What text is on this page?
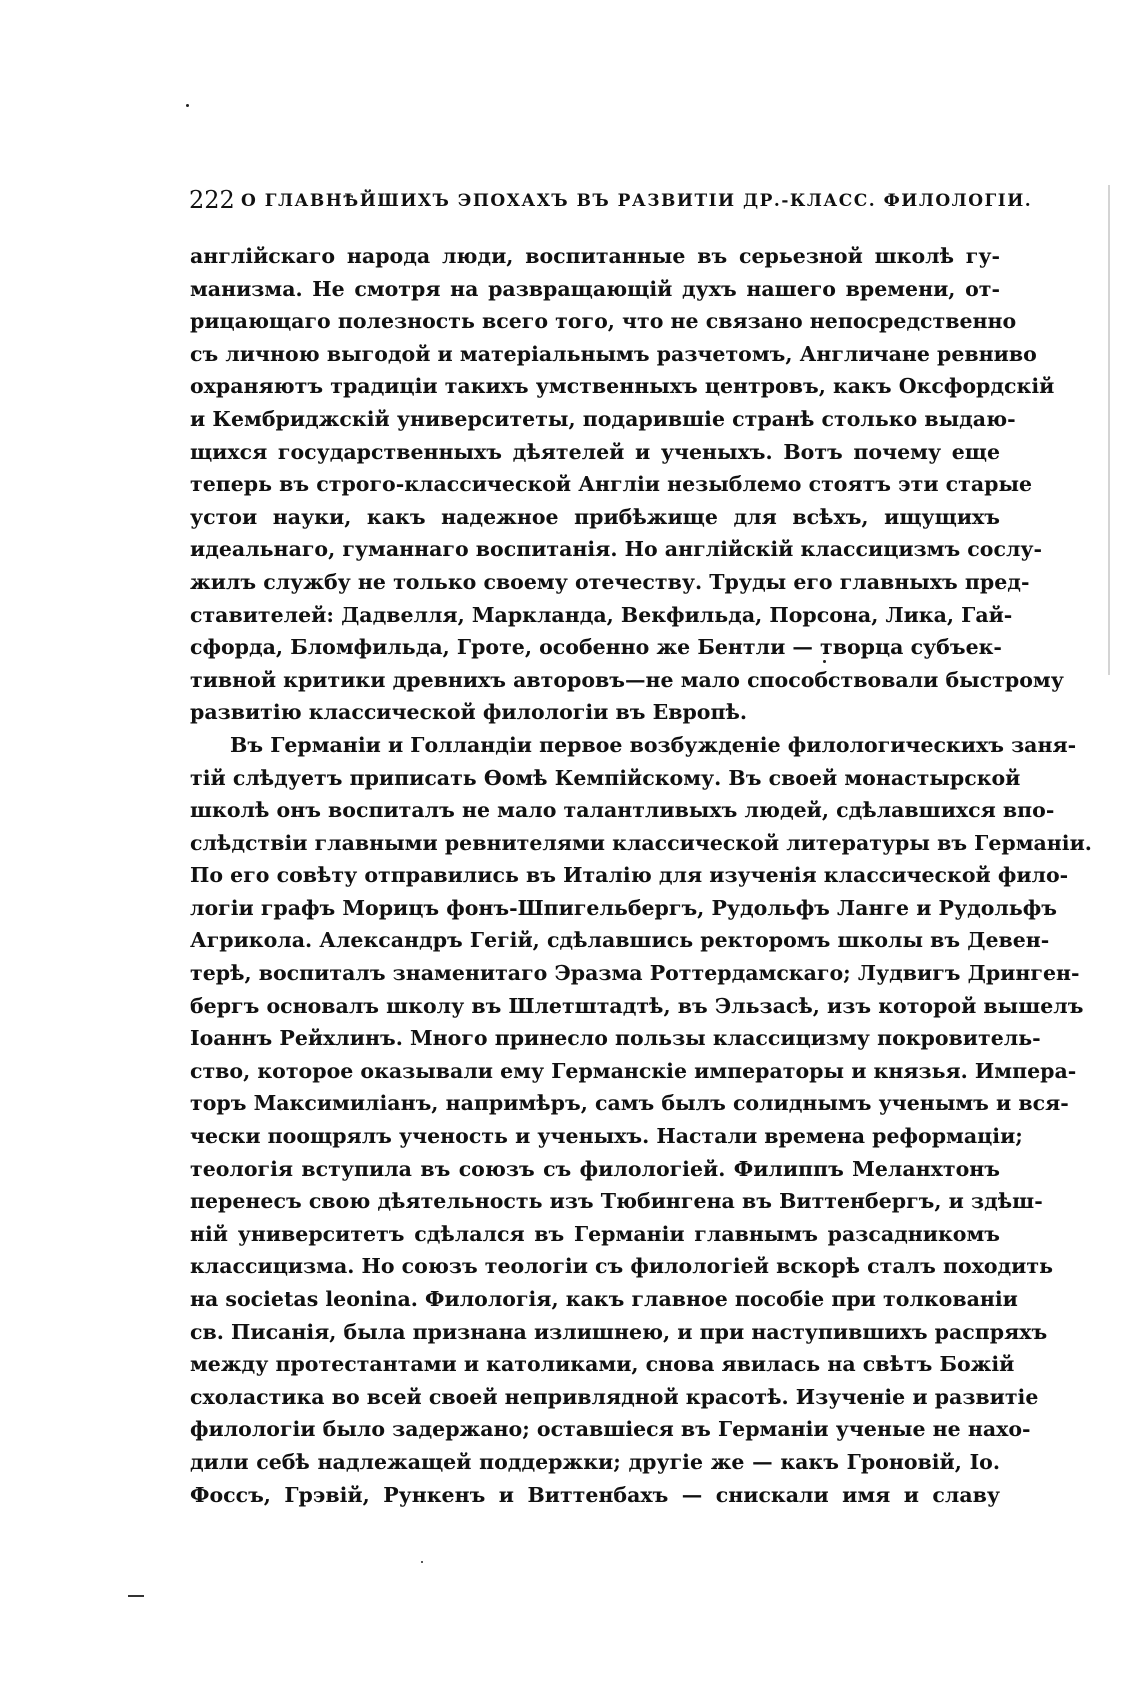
222 О ГЛАВНѢЙШИХЪ ЭПОХАХЪ ВЪ РАЗВИТІИ ДР.-КЛАСС. ФИЛОЛОГІИ.
англійскаго народа люди, воспитанные въ серьезной школѣ гу-
манизма. Не смотря на развращающій духъ нашего времени, от-
рицающаго полезность всего того, что не связано непосредственно
съ личною выгодой и матеріальнымъ разчетомъ, Англичане ревниво
охраняютъ традиціи такихъ умственныхъ центровъ, какъ Оксфордскій
и Кембриджскій университеты, подарившіе странѣ столько выдаю-
щихся государственныхъ дѣятелей и ученыхъ. Вотъ почему еще
теперь въ строго-классической Англіи незыблемо стоятъ эти старые
устои науки, какъ надежное прибѣжище для всѣхъ, ищущихъ
идеальнаго, гуманнаго воспитанія. Но англійскій классицизмъ сослу-
жилъ службу не только своему отечеству. Труды его главныхъ пред-
ставителей: Дадвелля, Маркланда, Векфильда, Порсона, Лика, Гай-
сфорда, Бломфильда, Гроте, особенно же Бентли — творца субъек-
тивной критики древнихъ авторовъ—не мало способствовали быстрому
развитію классической филологіи въ Европѣ.
Въ Германіи и Голландіи первое возбужденіе филологическихъ заня-
тій слѣдуетъ приписать Ѳомѣ Кемпійскому. Въ своей монастырской
школѣ онъ воспиталъ не мало талантливыхъ людей, сдѣлавшихся впо-
слѣдствіи главными ревнителями классической литературы въ Германіи.
По его совѣту отправились въ Италію для изученія классической фило-
логіи графъ Морицъ фонъ-Шпигельбергъ, Рудольфъ Ланге и Рудольфъ
Агрикола. Александръ Гегій, сдѣлавшись ректоромъ школы въ Девен-
терѣ, воспиталъ знаменитаго Эразма Роттердамскаго; Лудвигъ Дринген-
бергъ основалъ школу въ Шлетштадтѣ, въ Эльзасѣ, изъ которой вышелъ
Іоаннъ Рейхлинъ. Много принесло пользы классицизму покровитель-
ство, которое оказывали ему Германскіе императоры и князья. Импера-
торъ Максимиліанъ, напримѣръ, самъ былъ солиднымъ ученымъ и вся-
чески поощрялъ ученость и ученыхъ. Настали времена реформаціи;
теологія вступила въ союзъ съ филологіей. Филиппъ Меланхтонъ
перенесъ свою дѣятельность изъ Тюбингена въ Виттенбергъ, и здѣш-
ній университетъ сдѣлался въ Германіи главнымъ разсадникомъ
классицизма. Но союзъ теологіи съ филологіей вскорѣ сталъ походить
на societas leonina. Филологія, какъ главное пособіе при толкованіи
св. Писанія, была признана излишнею, и при наступившихъ распряхъ
между протестантами и католиками, снова явилась на свѣтъ Божій
схоластика во всей своей непривлядной красотѣ. Изученіе и развитіе
филологіи было задержано; оставшіеся въ Германіи ученые не нахо-
дили себѣ надлежащей поддержки; другіе же — какъ Гроновій, Іо.
Фоссъ, Грэвій, Рункенъ и Виттенбахъ — снискали имя и славу
